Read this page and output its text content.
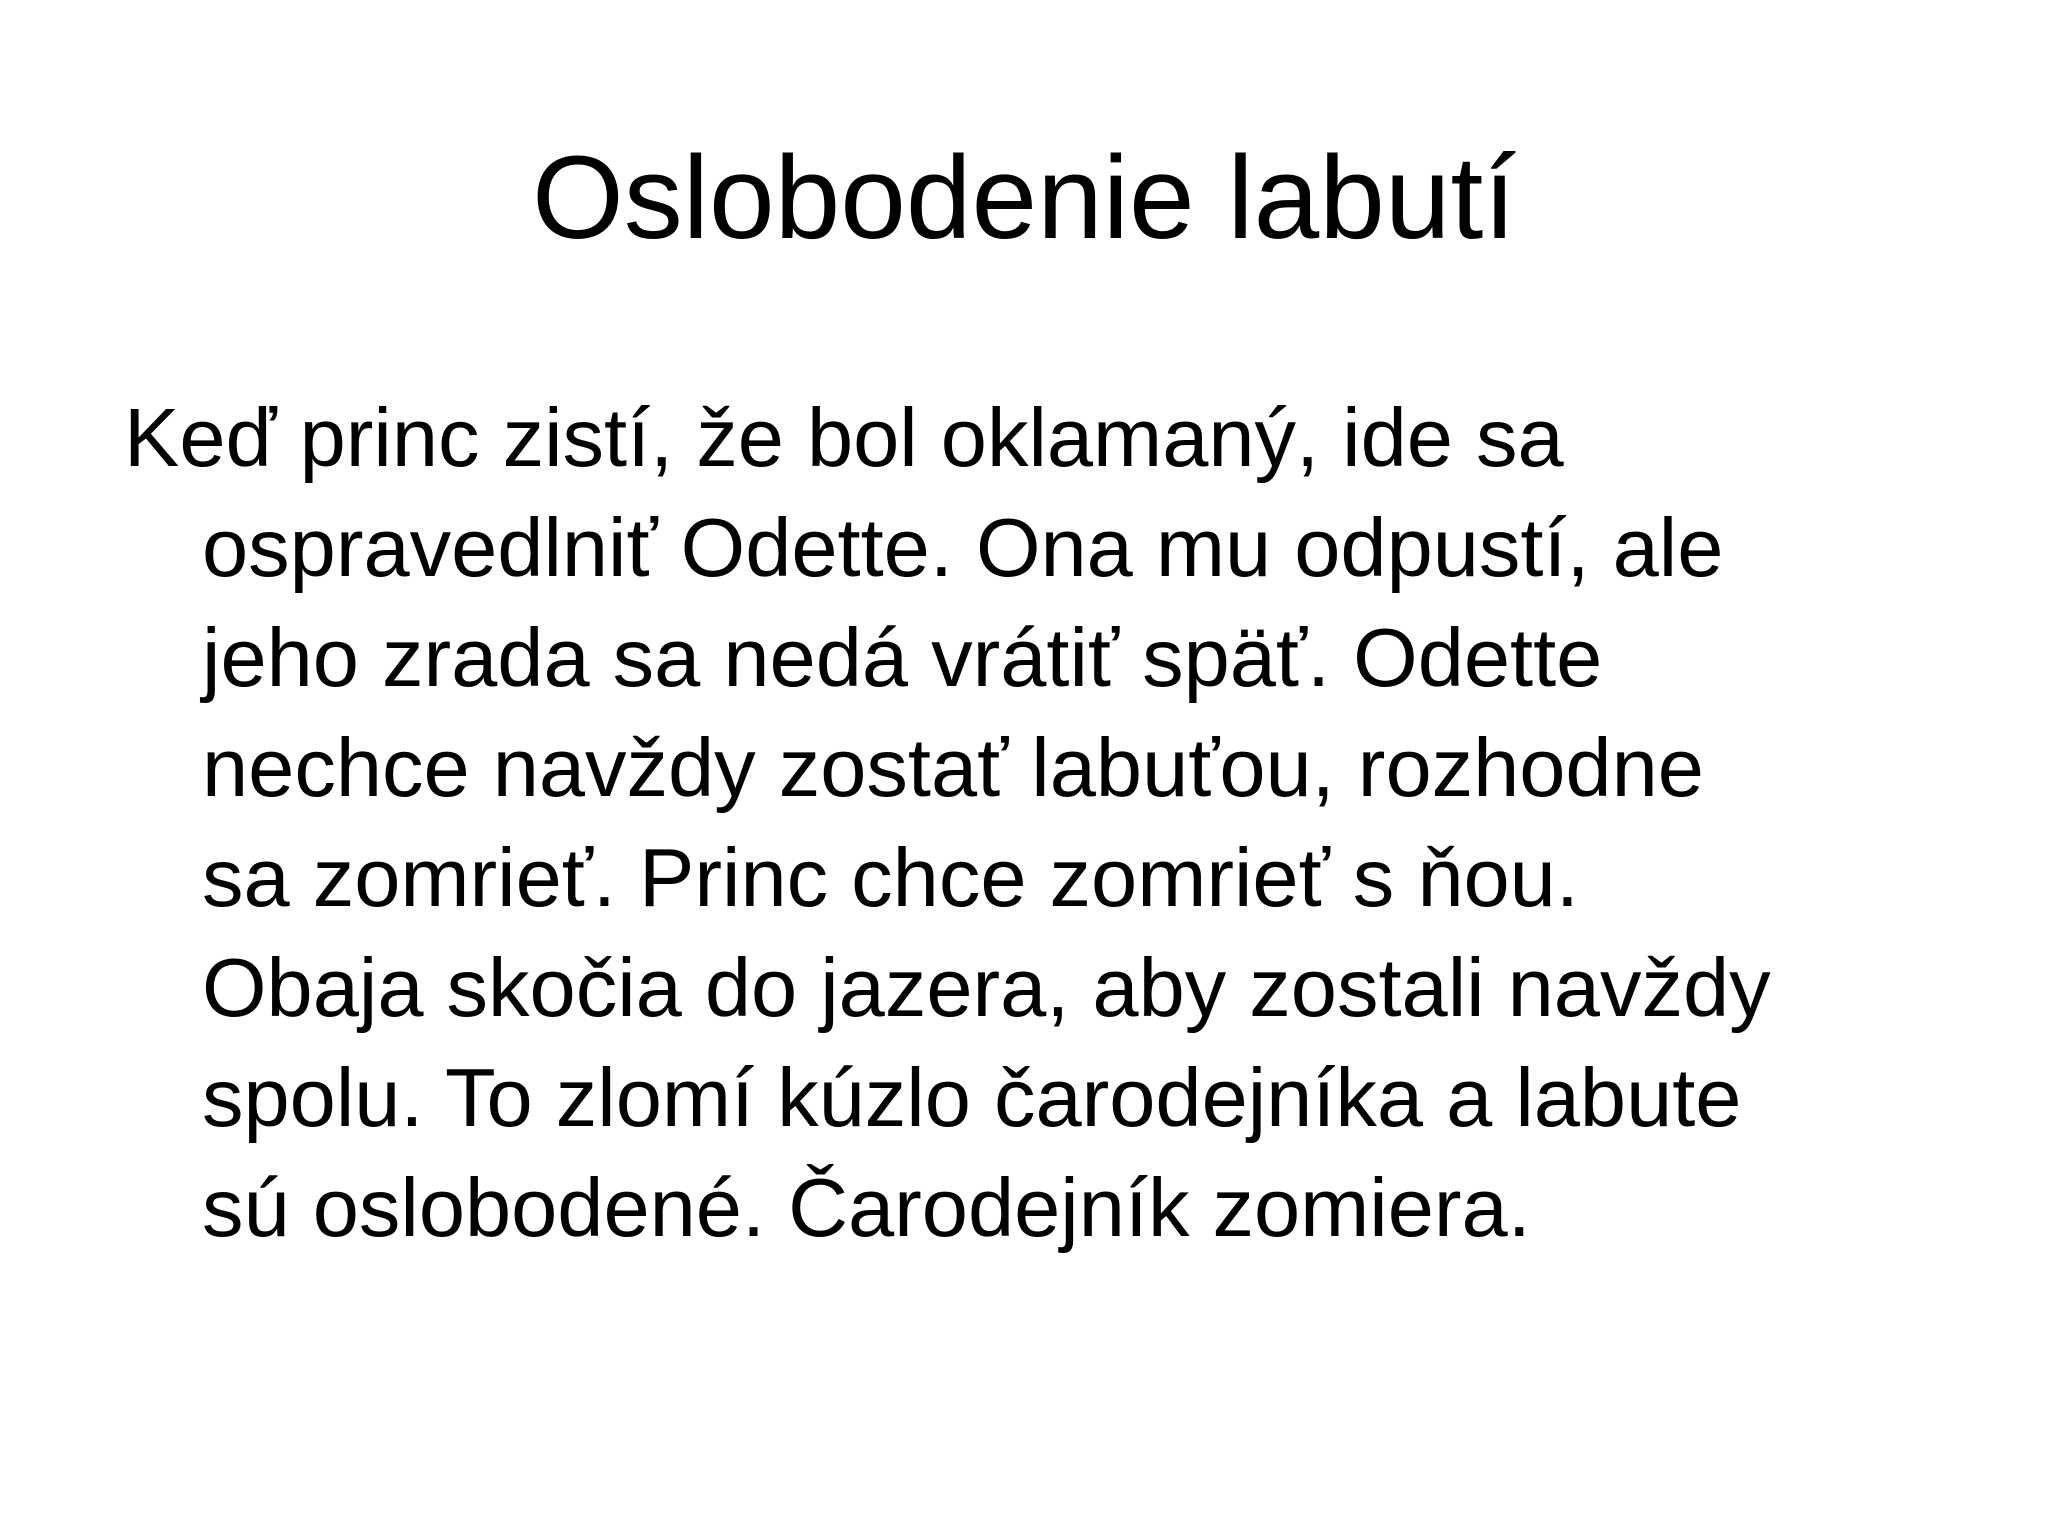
Oslobodenie labutí
Keď princ zistí, že bol oklamaný, ide sa
ospravedlniť Odette. Ona mu odpustí, ale
jeho zrada sa nedá vrátiť späť. Odette
nechce navždy zostať labuťou, rozhodne
sa zomrieť. Princ chce zomrieť s ňou.
Obaja skočia do jazera, aby zostali navždy
spolu. To zlomí kúzlo čarodejníka a labute
sú oslobodené. Čarodejník zomiera.
